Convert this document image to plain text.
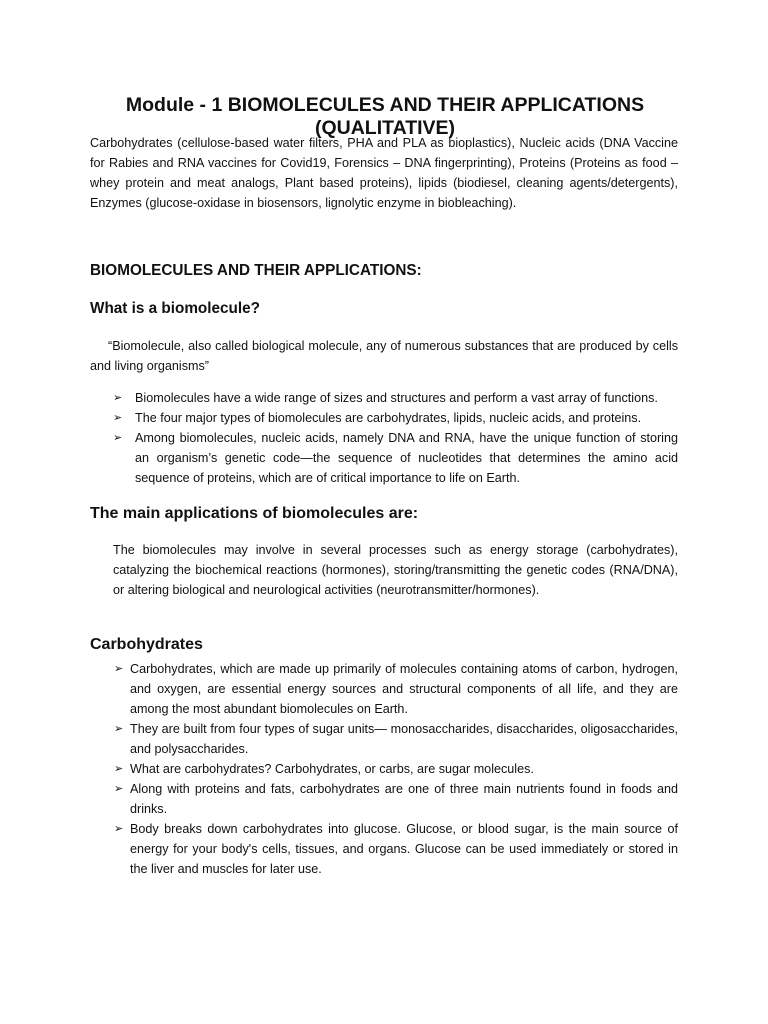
Module - 1 BIOMOLECULES AND THEIR APPLICATIONS (QUALITATIVE)

Carbohydrates (cellulose-based water filters, PHA and PLA as bioplastics), Nucleic acids (DNA Vaccine for Rabies and RNA vaccines for Covid19, Forensics – DNA fingerprinting), Proteins (Proteins as food – whey protein and meat analogs, Plant based proteins), lipids (biodiesel, cleaning agents/detergents), Enzymes (glucose-oxidase in biosensors, lignolytic enzyme in biobleaching).

BIOMOLECULES AND THEIR APPLICATIONS:
What is a biomolecule?

“Biomolecule, also called biological molecule, any of numerous substances that are produced by cells and living organisms”

➢ Biomolecules have a wide range of sizes and structures and perform a vast array of functions.
➢ The four major types of biomolecules are carbohydrates, lipids, nucleic acids, and proteins.
➢ Among biomolecules, nucleic acids, namely DNA and RNA, have the unique function of storing an organism’s genetic code—the sequence of nucleotides that determines the amino acid sequence of proteins, which are of critical importance to life on Earth.
The main applications of biomolecules are:

The biomolecules may involve in several processes such as energy storage (carbohydrates), catalyzing the biochemical reactions (hormones), storing/transmitting the genetic codes (RNA/DNA), or altering biological and neurological activities (neurotransmitter/hormones).

Carbohydrates
➢ Carbohydrates, which are made up primarily of molecules containing atoms of carbon, hydrogen, and oxygen, are essential energy sources and structural components of all life, and they are among the most abundant biomolecules on Earth.
➢ They are built from four types of sugar units— monosaccharides, disaccharides, oligosaccharides, and polysaccharides.
➢ What are carbohydrates? Carbohydrates, or carbs, are sugar molecules.
➢ Along with proteins and fats, carbohydrates are one of three main nutrients found in foods and drinks.
➢ Body breaks down carbohydrates into glucose. Glucose, or blood sugar, is the main source of energy for your body's cells, tissues, and organs. Glucose can be used immediately or stored in the liver and muscles for later use.
